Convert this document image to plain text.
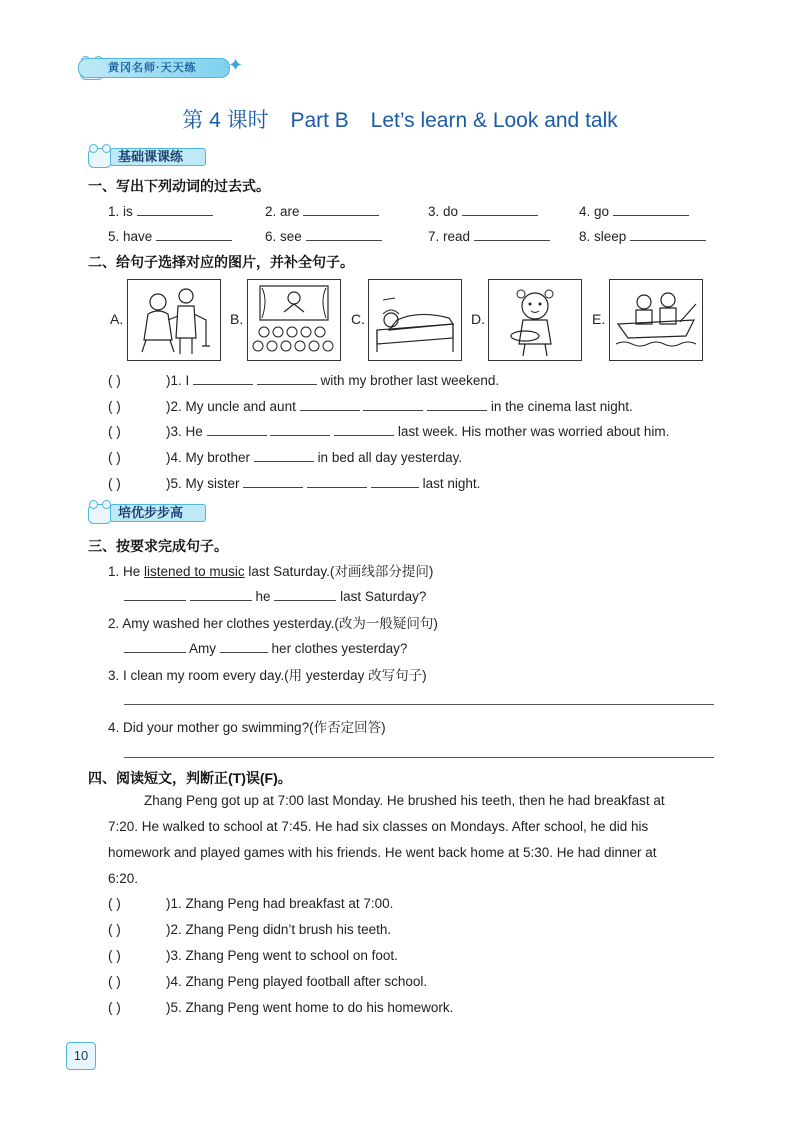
黄冈名师·天天练 ✦
第 4 课时 Part B Let’s learn & Look and talk
基础课课练
一、写出下列动词的过去式。
1. is	2. are	3. do	4. go
5. have	6. see	7. read	8. sleep
二、给句子选择对应的图片，并补全句子。
A.	B.	C.	D.	E.
( )	)1. I	with my brother last weekend.
( )	)2. My uncle and aunt	in the cinema last night.
( )	)3. He	last week. His mother was worried about him.
( )	)4. My brother	in bed all day yesterday.
( )	)5. My sister	last night.
培优步步高
三、按要求完成句子。
1. He listened to music last Saturday.(对画线部分提问)
he	last Saturday?
2. Amy washed her clothes yesterday.(改为一般疑问句)
Amy	her clothes yesterday?
3. I clean my room every day.(用 yesterday 改写句子)
4. Did your mother go swimming?(作否定回答)
四、阅读短文，判断正(T)误(F)。
Zhang Peng got up at 7:00 last Monday. He brushed his teeth, then he had breakfast at
7:20. He walked to school at 7:45. He had six classes on Mondays. After school, he did his
homework and played games with his friends. He went back home at 5:30. He had dinner at
6:20.
( )	)1. Zhang Peng had breakfast at 7:00.
( )	)2. Zhang Peng didn’t brush his teeth.
( )	)3. Zhang Peng went to school on foot.
( )	)4. Zhang Peng played football after school.
( )	)5. Zhang Peng went home to do his homework.
10
